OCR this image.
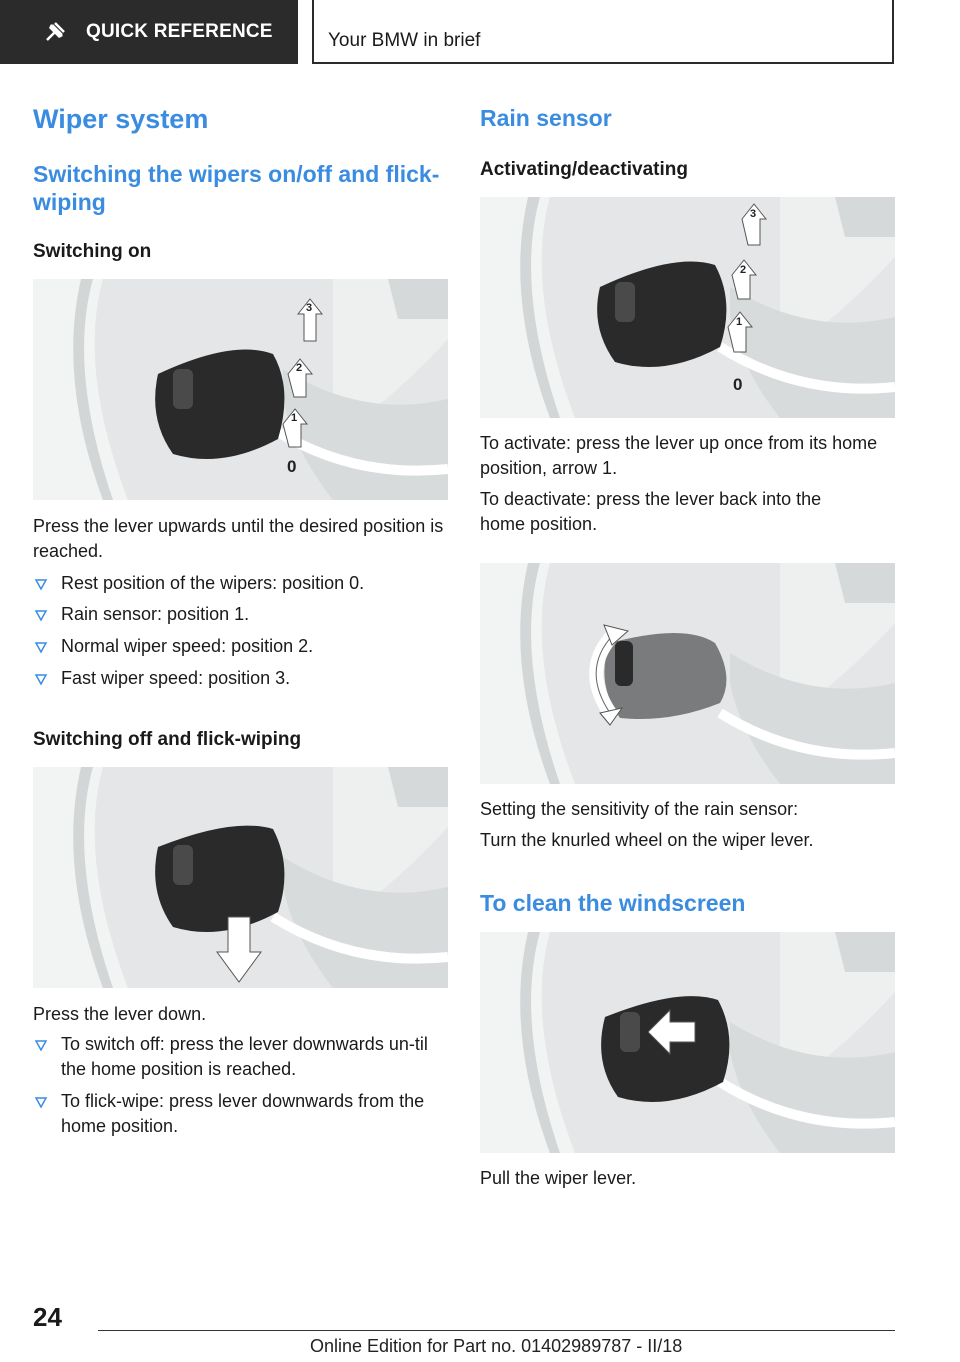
QUICK REFERENCE	Your BMW in brief

Wiper system

Switching the wipers on/off and flick-wiping

Switching on

3
2
1
0

Press the lever upwards until the desired position is reached.

Rest position of the wipers: position 0.
Rain sensor: position 1.
Normal wiper speed: position 2.
Fast wiper speed: position 3.

Switching off and flick-wiping

Press the lever down.

To switch off: press the lever downwards un-til the home position is reached.
To flick-wipe: press lever downwards from the home position.

Rain sensor

Activating/deactivating

3
2
1
0

To activate: press the lever up once from its home position, arrow 1.

To deactivate: press the lever back into the home position.

Setting the sensitivity of the rain sensor:

Turn the knurled wheel on the wiper lever.

To clean the windscreen

Pull the wiper lever.

24
Online Edition for Part no. 01402989787 - II/18
